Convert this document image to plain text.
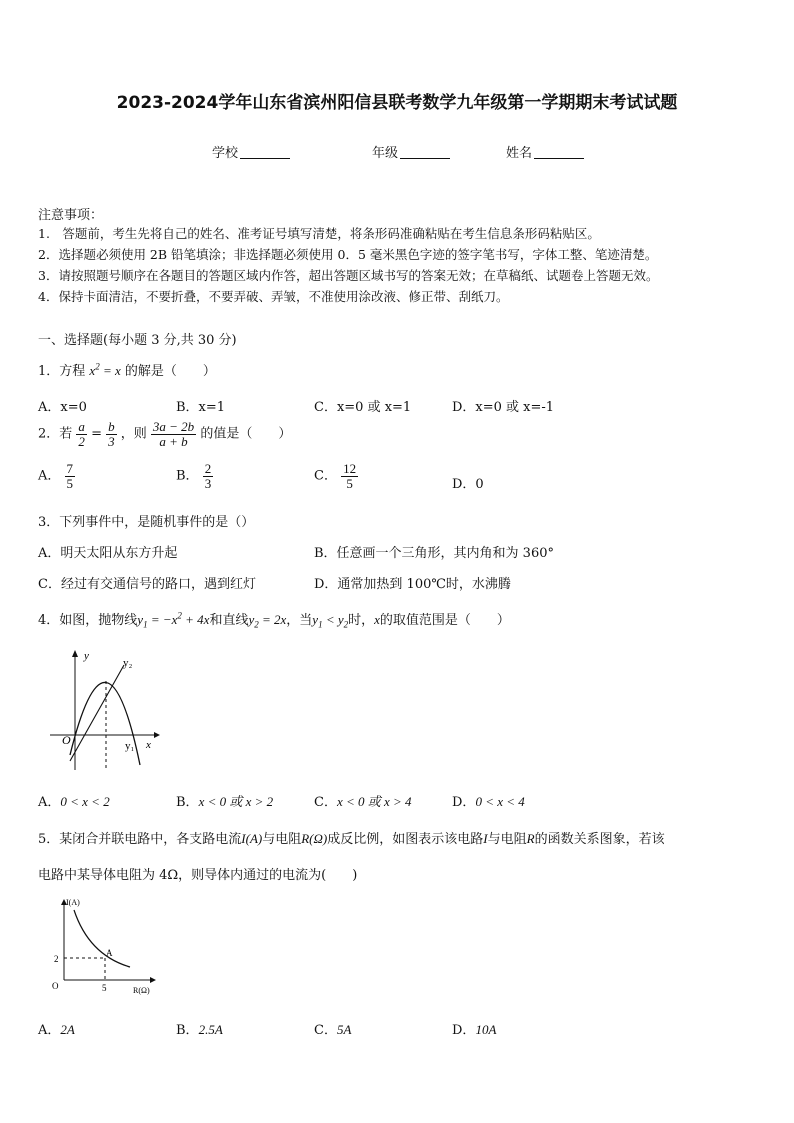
2023-2024学年山东省滨州阳信县联考数学九年级第一学期期末考试试题
学校	年级	姓名
注意事项：
1.　答题前，考生先将自己的姓名、准考证号填写清楚，将条形码准确粘贴在考生信息条形码粘贴区。
2．选择题必须使用 2B 铅笔填涂；非选择题必须使用 0．5 毫米黑色字迹的签字笔书写，字体工整、笔迹清楚。
3．请按照题号顺序在各题目的答题区域内作答，超出答题区域书写的答案无效；在草稿纸、试题卷上答题无效。
4．保持卡面清洁，不要折叠，不要弄破、弄皱，不准使用涂改液、修正带、刮纸刀。
一、选择题(每小题 3 分,共 30 分)
1．方程 $x^2 = x$ 的解是（　　）
A．x=0	B．x=1	C．x=0 或 x=1	D．x=0 或 x=-1
2．若 $\frac{a}{2} = \frac{b}{3}$ ，则 $\frac{3a - 2b}{a + b}$ 的值是（　　）
A． $\frac{7}{5}$	B． $\frac{2}{3}$	C． $\frac{12}{5}$	D．0
3．下列事件中，是随机事件的是（）
A．明天太阳从东方升起	B．任意画一个三角形，其内角和为 360°
C．经过有交通信号的路口，遇到红灯	D．通常加热到 100℃时，水沸腾
4．如图，抛物线$y_1 = -x^2 + 4x$和直线$y_2 = 2x$，当$y_1 < y_2$时，x的取值范围是（　　）
y
x
O
y₂
y₁
A．0 < x < 2	B．x < 0 或 x > 2	C．x < 0 或 x > 4	D．0 < x < 4
5．某闭合并联电路中，各支路电流I(A)与电阻R(Ω)成反比例，如图表示该电路I与电阻R的函数关系图象，若该
电路中某导体电阻为 4Ω，则导体内通过的电流为(　　)
I(A)
R(Ω)
O
A
2
5
A．2A	B．2.5A	C．5A	D．10A
